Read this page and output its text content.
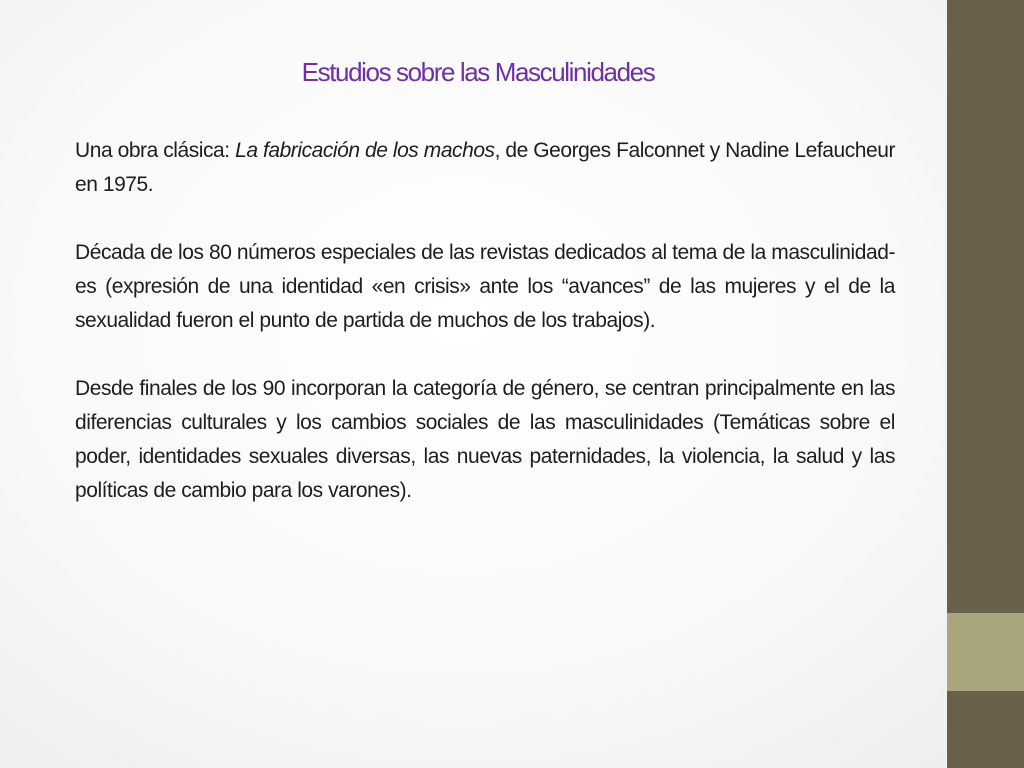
Estudios sobre las Masculinidades

Una obra clásica: La fabricación de los machos, de Georges Falconnet y Nadine Lefaucheur en 1975.

Década de los 80 números especiales de las revistas dedicados al tema de la masculinidad-es (expresión de una identidad «en crisis» ante los “avances” de las mujeres y el de la sexualidad fueron el punto de partida de muchos de los trabajos).

Desde finales de los 90 incorporan la categoría de género, se centran principalmente en las diferencias culturales y los cambios sociales de las masculinidades (Temáticas sobre el poder, identidades sexuales diversas, las nuevas paternidades, la violencia, la salud y las políticas de cambio para los varones).
